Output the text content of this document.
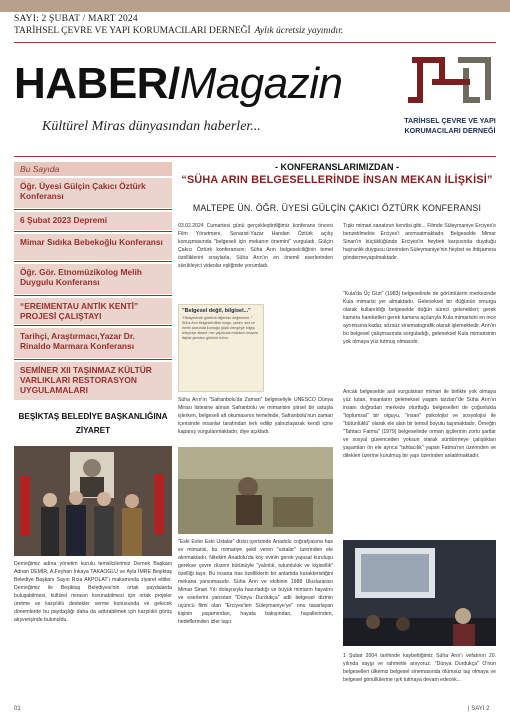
SAYI: 2 ŞUBAT / MART 2024
TARİHSEL ÇEVRE VE YAPI KORUMACILARI DERNEĞİ Aylık ücretsiz yayınıdır.
HABER/Magazin
Kültürel Miras dünyasından haberler...	TARİHSEL ÇEVRE VE YAPI
KORUMACILARI DERNEĞİ
Bu Sayıda
Öğr. Üyesi Gülçin Çakıcı Öztürk Konferansı
6 Şubat 2023 Depremi
Mimar Sıdıka Bebekoğlu Konferansı
Öğr. Gör. Etnomüzikolog Melih Duygulu Konferansı
“EREIMENTAU ANTİK KENTİ” PROJESİ ÇALIŞTAYI
Tarihçi, Araştırmacı,Yazar Dr. Rinaldo Marmara Konferansı
SEMİNER XII TAŞINMAZ KÜLTÜR VARLIKLARI RESTORASYON UYGULAMALARI
BEŞİKTAŞ BELEDİYE BAŞKANLIĞINA ZİYARET
Derneğimiz adına yönetim kurulu temsilcilerimiz Dernek Başkanı Adnan DEMİR, A.Feyhan İnkaya TAKAOGLU ve Ayla İMRE Beşiktaş Belediye Başkanı Sayın Rıza AKPOLAT'ı makamında ziyaret ettiler. Derneğimiz ile Beşiktaş Belediyesi'nin ortak paydalarda buluşabilmesi, kültürel mirasın korunabilmesi için ortak projeler üretme ve karşılıklı destekler verme konusunda ve gelecek dönemlerde bu paydaşlığı daha da arttırabilmek için karşılıklı görüş alışverişinde bulunuldu.
- KONFERANSLARIMIZDAN -
“SÜHA ARIN BELGESELLERİNDE İNSAN MEKAN İLİŞKİSİ”
MALTEPE ÜN. ÖĞR. ÜYESİ GÜLÇİN ÇAKICI ÖZTÜRK KONFERANSI

03.02.2024 Cumartesi günü gerçekleştirdiğimiz konferans öncesi Film Yönetmeni, Senarist-Yazar Handan Öztürk açılış konuşmasında "belgeseli için mekanın önemini" vurguladı. Gülçin Çakıcı Öztürk konferansını; Süha Arın belgeselciliğinin temel özelliklerini sıraylarla, Süha Arın'ın en önemli eserlerinden sürükleyici videolar eşliğinde yorumladı.

"Belgesel değil, bilgisel..."
"Hikâyesinde gösterdi diğerinin değerlerini.." Süha Arın belgeselcilikte kurgu, çekim, ses ve metin arasında kurduğu güçlü dengeyle bilgiyi izleyiciye aktarır; her yapıtında mekânın insanla ilişkisi yeniden görünür kılınır.
Süha Arın'ın "Safranbolu'da Zaman" belgeseliyle UNESCO Dünya Mirası listesine alınan Safranbolu ve mimarisini şiirsel bir ustuşla işlerken, belgeseli alt okumasının temelinde, Safranbolu'nun zaman içerisinde insanlar tarafından terk edilip yalnızlaşarak kendi içine kapanış vurgulanmaktadır, diye açıkladı.
"Eski Evler Eski Ustalar" dizisi içerisinde Anadolu coğrafyasına has ev mimarisi, bu mimariye şekil veren "ustalar" üzerinden ele alınmaktadır. Nitekim Anadolu'da köy evinin gerek yapısal kuruluşu gerekse çevre düzeni bütünüyle "yalınlık, tutumluluk ve kişisellik" özelliği taşır. Bu insana has özelliklerin bir anlamda karakteristiğini mekana yansımasıdır. Süha Arın ve ekibinin 1988 Uluslararası Mimar Sinan Yılı dolayısıyla hazırladığı ve büyük mimarın hayatını ve eserlerini yansıtan "Dünya Durdukça" adlı belgesel dizinin üçüncü filmi olan "Erciyes'ten Süleymaniye'ye" onu tasarlayan kişinin yaşamından, hayata bakışından, hayallerinden, hedeflerinden izler taşır.

Tıpkı mimari sanatının kendisi gibi... Filmde Süleymaniye Erciyes'e benzetilmekte Erciyes'i anımsatmaktadır. Belgeselde Mimar Sinan'ın küçüklüğünde Erciyes'in heybeti karşısında duyduğu hayranlık duygusu üzerinden Süleymaniye'nin heybet ve ihtişamına göndermeyapılmaktadır.

"Kula'da Üç Gün" (1983) belgeselinde de görüntülerin merkezinde Kula mimarisi yer almaktadır. Geleneksel bir düğünün omurga olarak kullanıldığı belgeselde düğün süreci gelenekleri; gerek kamera hareketleri gerek kamera açılarıyla Kula mimarisini en ince ayrıntısına kadar, sözsüz sinematografik olarak işlemektedir. Arın'ın bu belgesel çalışmasında sorguladığı, geleneksel Kula mimarisinin yok olmaya yüz tutmuş olmasıdır.

Ancak belgeselde asıl vurgulanan mimari ile birlikte yok olmaya yüz tutan, insanların geleneksel yaşam tarzları"de Süha Arın'ın insanı doğrudan merkeze oturttuğu belgeselleri de çoğunlukla "toplumsal" bir olguyu, "insan" psikolojisi ve sosyolojisi ile "bütünlüklü" olarak ele alan bir temsil boyutu taşımaktadır. Örneğin "Tahtacı Fatma" (1979) belgeselinde orman işçilerinin zorlu şartlar ve sosyal güvenceden yoksun olarak sürdürmeye çalıştıkları yaşamları ön ele ayrıca "tahtacılık" yapan Fatma'nın üzerinden ve dilekleri üzerine kurulmuş bir yapı üzerinden anlatılmaktadır.

1 Şubat 2004 tarihinde kaybettiğimiz Süha Arın'ı vefatının 20. yılında saygı ve rahmetle anıyoruz. "Dünya Durdukça" O'nun belgeselleri ülkemiz belgesel sinemasında ölümsüz taş olmaya ve belgesel gönüllülerine ışık tutmaya devam edecek...
01	| SAYI 2
